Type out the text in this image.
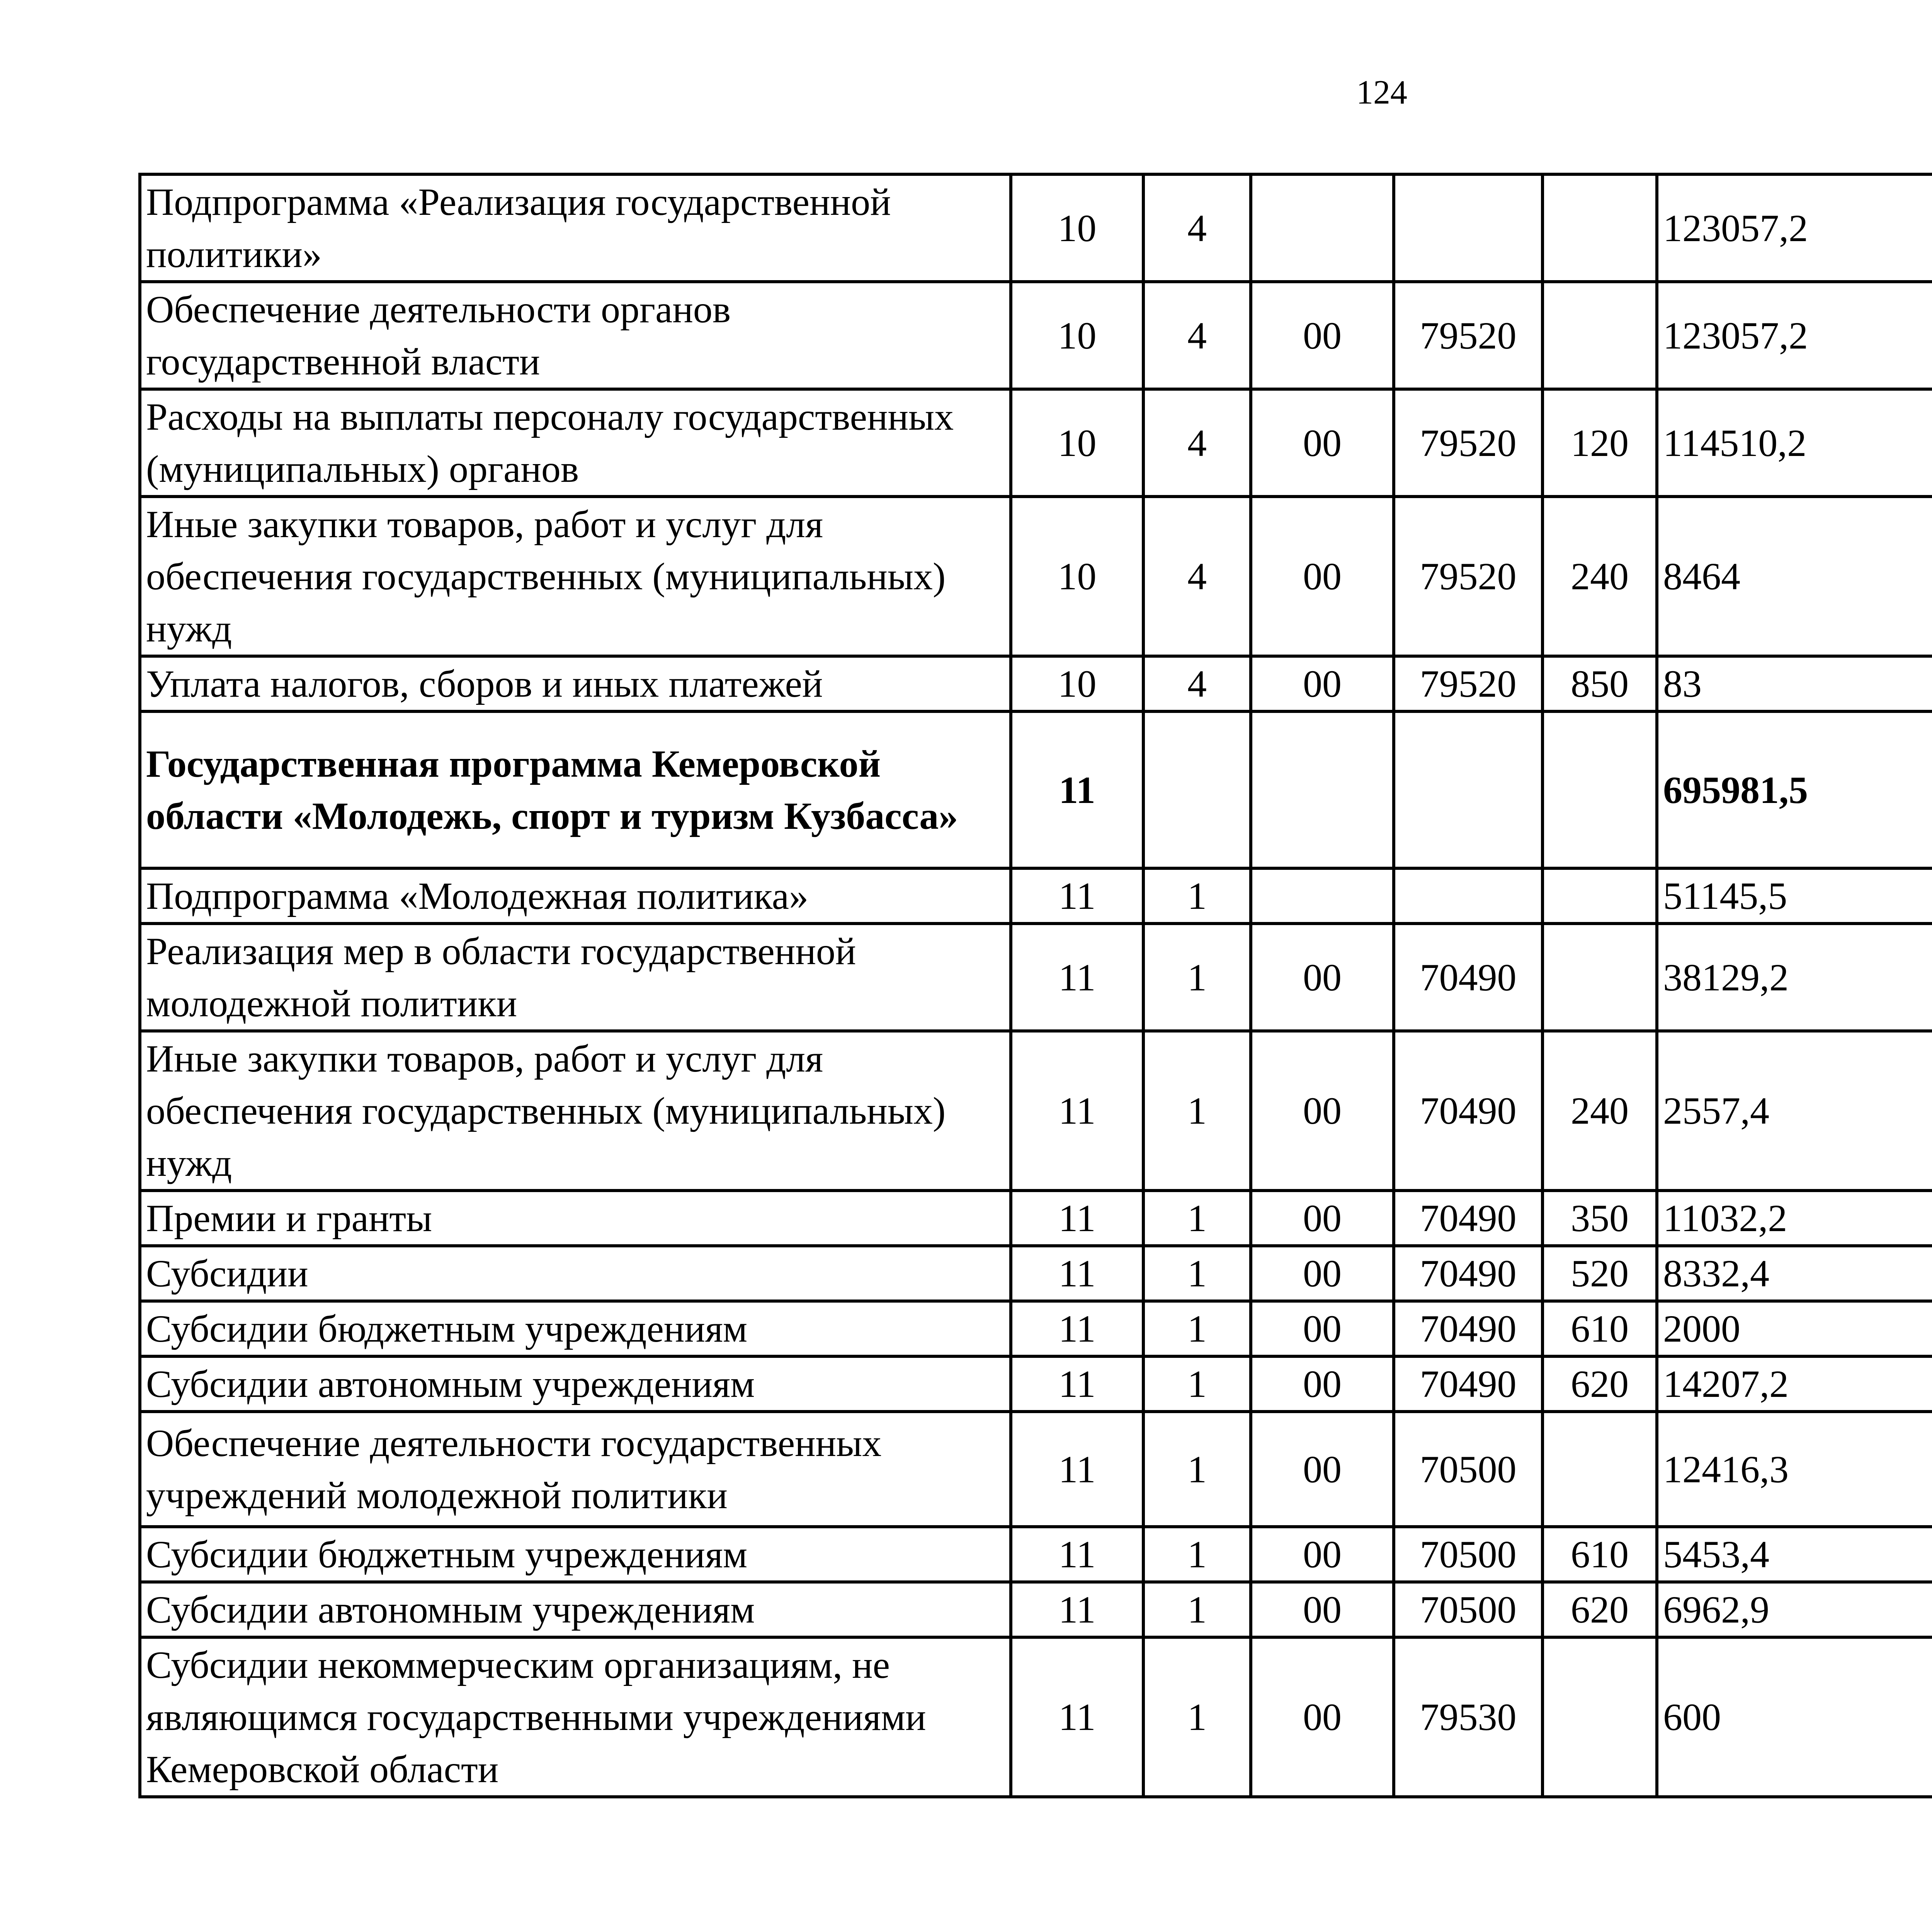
124
Подпрограмма «Реализация государственной политики»	10	4				123057,2		
Обеспечение деятельности органов государственной власти	10	4	00	79520		123057,2		
Расходы на выплаты персоналу государственных (муниципальных) органов	10	4	00	79520	120	114510,2		
Иные закупки товаров, работ и услуг для обеспечения государственных (муниципальных) нужд	10	4	00	79520	240	8464		
Уплата налогов, сборов и иных платежей	10	4	00	79520	850	83		
Государственная программа Кемеровской области «Молодежь, спорт и туризм Кузбасса»	11					695981,5		
Подпрограмма «Молодежная политика»	11	1				51145,5		
Реализация мер в области государственной молодежной политики	11	1	00	70490		38129,2		
Иные закупки товаров, работ и услуг для обеспечения государственных (муниципальных) нужд	11	1	00	70490	240	2557,4		
Премии и гранты	11	1	00	70490	350	11032,2		
Субсидии	11	1	00	70490	520	8332,4		
Субсидии бюджетным учреждениям	11	1	00	70490	610	2000		
Субсидии автономным учреждениям	11	1	00	70490	620	14207,2		
Обеспечение деятельности государственных учреждений молодежной политики	11	1	00	70500		12416,3		
Субсидии бюджетным учреждениям	11	1	00	70500	610	5453,4		
Субсидии автономным учреждениям	11	1	00	70500	620	6962,9		
Субсидии некоммерческим организациям, не являющимся государственными учреждениями Кемеровской области	11	1	00	79530		600		
